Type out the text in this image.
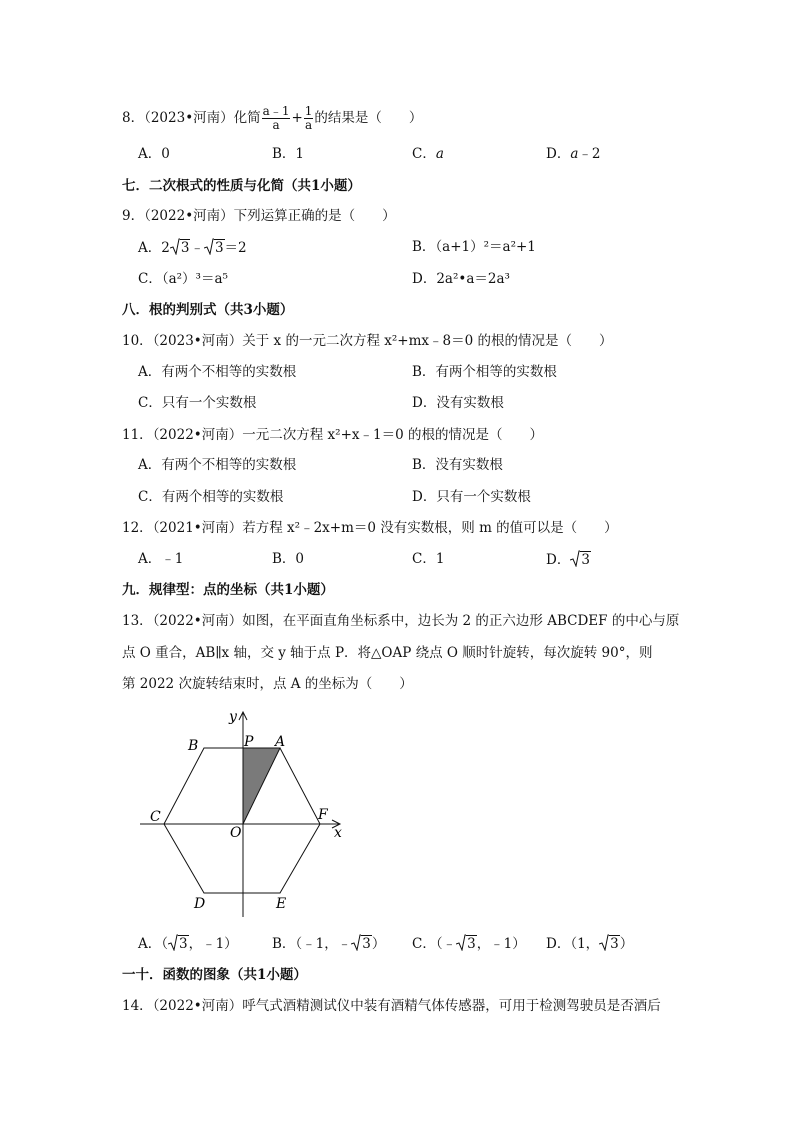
8．（2023•河南）化简 $\frac{a﹣1}{a} + \frac{1}{a}$ 的结果是（　　）
A．0	B．1	C．a	D．a﹣2
七．二次根式的性质与化简（共1小题）
9．（2022•河南）下列运算正确的是（　　）
A．2 3﹣ 3＝2	B．（a+1）²＝a²+1
C．（a²）³＝a⁵	D．2a²•a＝2a³
八．根的判别式（共3小题）
10．（2023•河南）关于 x 的一元二次方程 x²+mx﹣8＝0 的根的情况是（　　）
A．有两个不相等的实数根	B．有两个相等的实数根
C．只有一个实数根	D．没有实数根
11．（2022•河南）一元二次方程 x²+x﹣1＝0 的根的情况是（　　）
A．有两个不相等的实数根	B．没有实数根
C．有两个相等的实数根	D．只有一个实数根
12．（2021•河南）若方程 x²﹣2x+m＝0 没有实数根，则 m 的值可以是（　　）
A．﹣1	B．0	C．1	D． 3
九．规律型：点的坐标（共1小题）
13．（2022•河南）如图，在平面直角坐标系中，边长为 2 的正六边形 ABCDEF 的中心与原
点 O 重合，AB∥x 轴，交 y 轴于点 P．将△OAP 绕点 O 顺时针旋转，每次旋转 90°，则
第 2022 次旋转结束时，点 A 的坐标为（　　）
y
x
B	P A
C
O
F
D	E
A．（ 3，﹣1）	B．（﹣1，﹣ 3） C．（﹣ 3，﹣1） D．（1， 3）
一十．函数的图象（共1小题）
14．（2022•河南）呼气式酒精测试仪中装有酒精气体传感器，可用于检测驾驶员是否酒后
